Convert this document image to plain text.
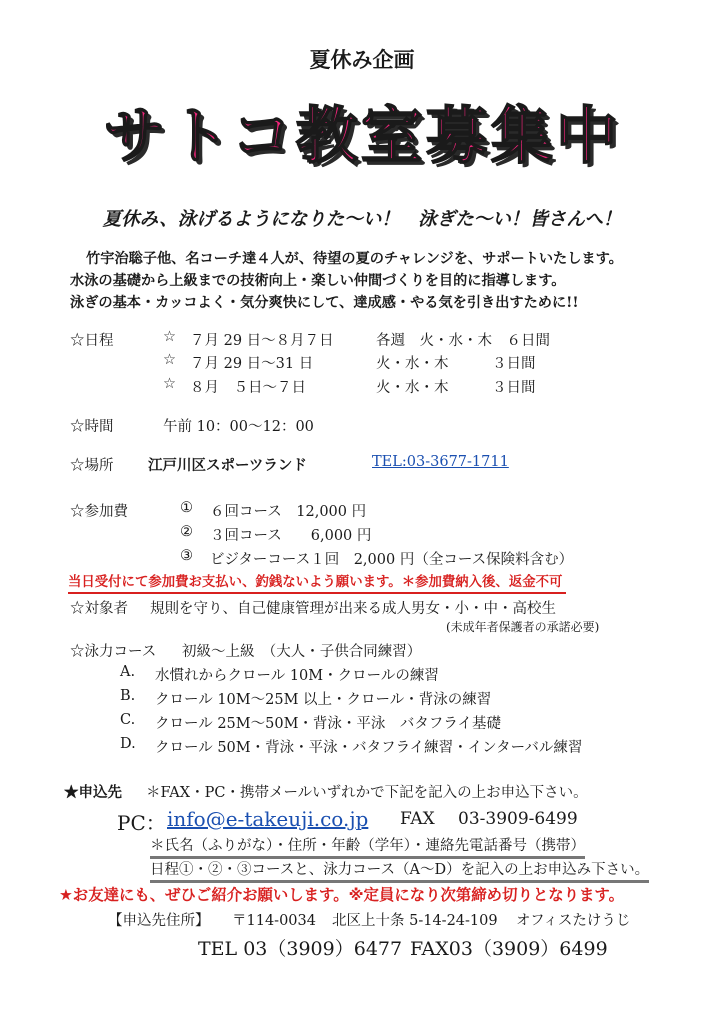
夏休み企画
サトコ教室募集中
夏休み、泳げるようになりた～い！　泳ぎた～い！皆さんへ！
竹宇治聡子他、名コーチ達４人が、待望の夏のチャレンジを、サポートいたします。
水泳の基礎から上級までの技術向上・楽しい仲間づくりを目的に指導します。
泳ぎの基本・カッコよく・気分爽快にして、達成感・やる気を引き出すために!!
☆日程	☆ ７月 29 日～８月７日	各週　火・水・木　６日間
☆ ７月 29 日～31 日	火・水・木　　　３日間
☆ ８月　５日～７日	火・水・木　　　３日間
☆時間	午前 10：00～12：00
☆場所 江戸川区スポーツランド	TEL:03-3677-1711
☆参加費	① ６回コース　12,000 円
② ３回コース　　6,000 円
③ ビジターコース１回　2,000 円（全コース保険料含む）
当日受付にて参加費お支払い、釣銭ないよう願います。＊参加費納入後、返金不可
☆対象者 規則を守り、自己健康管理が出来る成人男女・小・中・高校生
(未成年者保護者の承諾必要)
☆泳力コース 初級～上級　（大人・子供合同練習）
A. 水慣れからクロール 10M・クロールの練習
B. クロール 10M～25M 以上・クロール・背泳の練習
C. クロール 25M～50M・背泳・平泳　バタフライ基礎
D. クロール 50M・背泳・平泳・バタフライ練習・インターバル練習
★申込先 ＊FAX・PC・携帯メールいずれかで下記を記入の上お申込下さい。
PC： info@e-takeuji.co.jp FAX 03-3909-6499
＊氏名（ふりがな）・住所・年齢（学年）・連絡先電話番号（携帯）
日程①・②・③コースと、泳力コース（A～D）を記入の上お申込み下さい。
★お友達にも、ぜひご紹介お願いします。※定員になり次第締め切りとなります。
【申込先住所】 〒114-0034 北区上十条 5-14-24-109 オフィスたけうじ
TEL 03（3909）6477 FAX03（3909）6499
